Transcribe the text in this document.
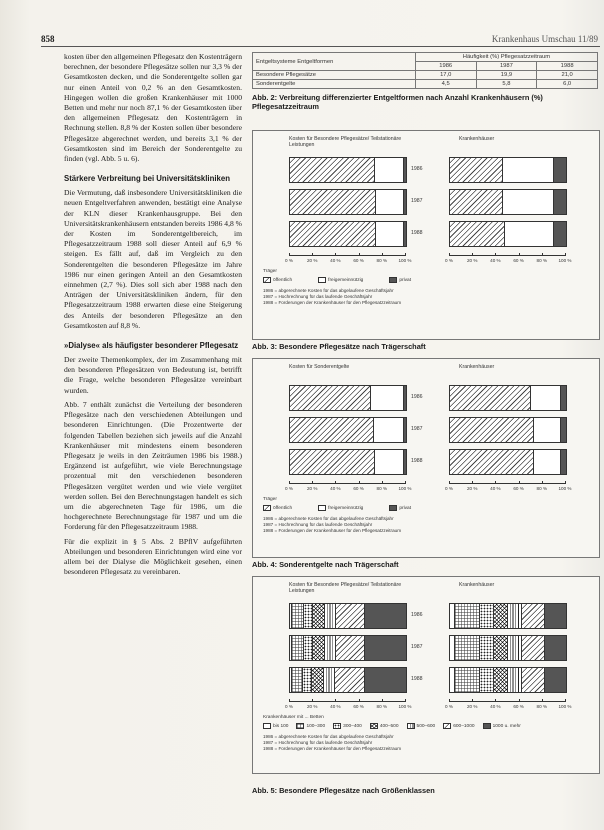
858	Krankenhaus Umschau 11/89

kosten über den allgemeinen Pflegesatz den Kostenträgern berechnen, der besondere Pflegesätze sollen nur 3,3 % der Gesamtkosten decken, und die Sonderentgelte sollen gar nur einen Anteil von 0,2 % an den Gesamtkosten. Hingegen wollen die großen Krankenhäuser mit 1000 Betten und mehr nur noch 87,1 % der Gesamtkosten über den allgemeinen Pflegesatz den Kostenträgern in Rechnung stellen. 8,8 % der Kosten sollen über besondere Pflegesätze abgerechnet werden, und bereits 3,1 % der Gesamtkosten sind im Bereich der Sonderentgelte zu finden (vgl. Abb. 5 u. 6).

Stärkere Verbreitung bei Universitätskliniken

Die Vermutung, daß insbesondere Universitätskliniken die neuen Entgeltverfahren anwenden, bestätigt eine Analyse der KLN dieser Krankenhausgruppe. Bei den Universitätskrankenhäusern entstanden bereits 1986 4,8 % der Kosten im Sonderentgeltbereich, im Pflegesatzzeitraum 1988 soll dieser Anteil auf 6,9 % steigen. Es fällt auf, daß im Vergleich zu den Sonderentgelten die besonderen Pflegesätze im Jahre 1986 nur einen geringen Anteil an den Gesamtkosten einnehmen (2,7 %). Dies soll sich aber 1988 nach den Anträgen der Universitätskliniken ändern, für den Pflegesatzzeitraum 1988 erwarten diese eine Steigerung des Anteils der besonderen Pflegesätze an den Gesamtkosten auf 8,8 %.

»Dialyse« als häufigster besonderer Pflegesatz

Der zweite Themenkomplex, der im Zusammenhang mit den besonderen Pflegesätzen von Bedeutung ist, betrifft die Frage, welche besonderen Pflegesätze vereinbart wurden.

Abb. 7 enthält zunächst die Verteilung der besonderen Pflegesätze nach den verschiedenen Abteilungen und besonderen Einrichtungen. (Die Prozentwerte der folgenden Tabellen beziehen sich jeweils auf die Anzahl Krankenhäuser mit mindestens einem besonderen Pflegesatz je weils in den Zeiträumen 1986 bis 1988.) Ergänzend ist aufgeführt, wie viele Berechnungstage prozentual mit den verschiedenen besonderen Pflegesätzen vergütet werden und wie viele vergütet werden sollen. Bei den Berechnungstagen handelt es sich um die abgerechneten Tage für 1986, um die hochgerechnete Berechnungstage für 1987 und um die Forderung für den Pflegesatzzeitraum 1988.

Für die explizit in § 5 Abs. 2 BPflV aufgeführten Abteilungen und besonderen Einrichtungen wird eine vor allem bei der Dialyse die Möglichkeit gesehen, einen besonderen Pflegesatz zu vereinbaren.

Entgeltsysteme Entgeltformen	Häufigkeit (%) Pflegesatzzeitraum		
	1986	1987	1988
Besondere Pflegesätze	17,0	19,9	21,0
Sonderentgelte	4,5	5,8	6,0
Abb. 2: Verbreitung differenzierter Entgeltformen nach Anzahl Krankenhäusern (%) Pflegesatzzeitraum
Kosten für Besondere Pflegesätze/ Teilstationäre Leistungen
Krankenhäuser
1986
1987
1988
0 %	20 %	40 %	60 %	80 % 100 %	0 %	20 %	40 %	60 %	80 % 100 %
Träger
öffentlich	freigemeinnützig	privat
1986 = abgerechnete Kosten für das abgelaufene Geschäftsjahr
1987 = Hochrechnung für das laufende Geschäftsjahr
1988 = Forderungen der Krankenhäuser für den Pflegesatzzeitraum
Abb. 3: Besondere Pflegesätze nach Trägerschaft
Kosten für Sonderentgelte	Krankenhäuser
1986
1987
1988
0 %	20 %	40 %	60 %	80 % 100 %	0 %	20 %	40 %	60 %	80 % 100 %
Träger
öffentlich	freigemeinnützig	privat
1986 = abgerechnete Kosten für das abgelaufene Geschäftsjahr
1987 = Hochrechnung für das laufende Geschäftsjahr
1988 = Forderungen der Krankenhäuser für den Pflegesatzzeitraum
Abb. 4: Sonderentgelte nach Trägerschaft
Kosten für Besondere Pflegesätze/ Teilstationäre Leistungen
Krankenhäuser
1986
1987
1988
0 %	20 %	40 %	60 %	80 % 100 %	0 %	20 %	40 %	60 %	80 % 100 %
Krankenhäuser mit ... Betten
bis 100	100–300	300–400	400–500	500–600	600–1000	1000 u. mehr
1986 = abgerechnete Kosten für das abgelaufene Geschäftsjahr
1987 = Hochrechnung für das laufende Geschäftsjahr
1988 = Forderungen der Krankenhäuser für den Pflegesatzzeitraum
Abb. 5: Besondere Pflegesätze nach Größenklassen
